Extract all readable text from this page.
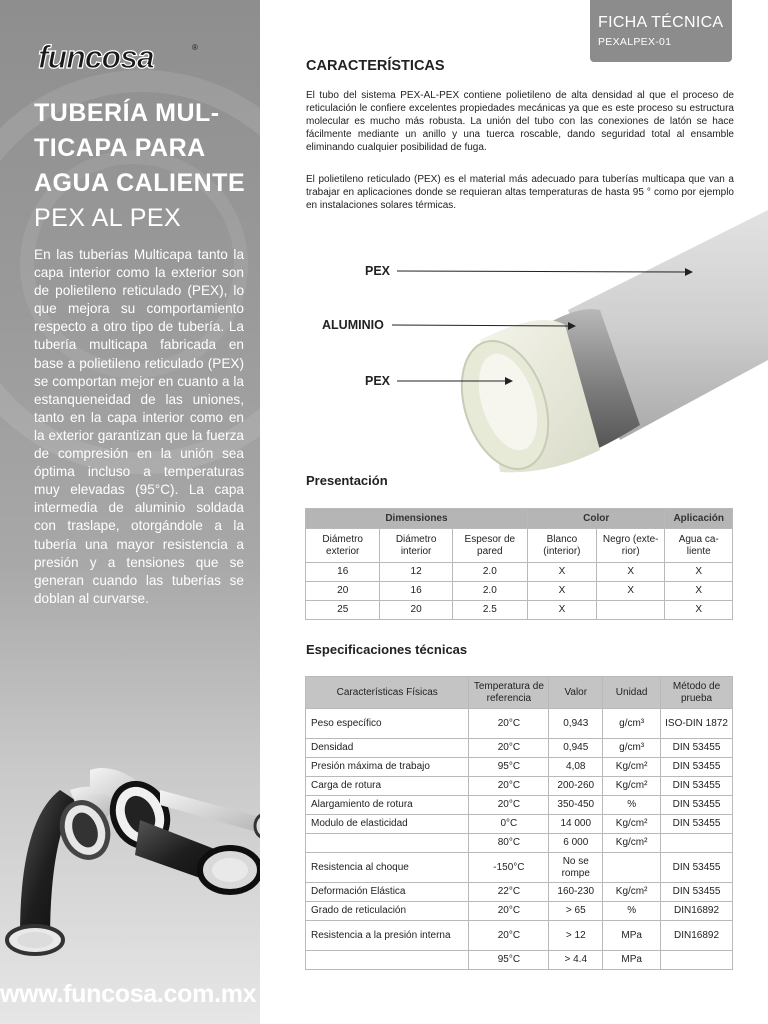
funcosa	®
TUBERÍA MUL-
TICAPA PARA
AGUA CALIENTE
PEX AL PEX
En las tuberías Multicapa tanto la capa interior como la exterior son de polietileno reticulado (PEX), lo que mejora su comportamiento respecto a otro tipo de tubería. La tubería multicapa fabricada en base a polietileno reticulado (PEX) se comportan mejor en cuanto a la estanqueneidad de las uniones, tanto en la capa interior como en la exterior garantizan que la fuerza de compresión en la unión sea óptima incluso a temperaturas muy elevadas (95°C). La capa intermedia de aluminio soldada con traslape, otorgándole a la tubería una mayor resistencia a presión y a tensiones que se generan cuando las tuberías se doblan al curvarse.
www.funcosa.com.mx
FICHA TÉCNICA
PEXALPEX-01
CARACTERÍSTICAS
El tubo del sistema PEX-AL-PEX contiene polietileno de alta densidad al que el proceso de reticulación le confiere excelentes propiedades mecánicas ya que es este proceso su estructura molecular es mucho más robusta. La unión del tubo con las conexiones de latón se hace fácilmente mediante un anillo y una tuerca roscable, dando seguridad total al ensamble eliminando cualquier posibilidad de fuga.
El polietileno reticulado (PEX) es el material más adecuado para tuberías multicapa que van a trabajar en aplicaciones donde se requieran altas temperaturas de hasta 95 ° como por ejemplo en instalaciones solares térmicas.
PEX
ALUMINIO
PEX
Presentación
Dimensiones			Color		Aplicación
Diámetro exterior	Diámetro interior	Espesor de pared	Blanco (interior)	Negro (exte-rior)	Agua ca-liente
16	12	2.0	X	X	X
20	16	2.0	X	X	X
25	20	2.5	X		X
Especificaciones técnicas
Características Físicas	Temperatura de referencia	Valor	Unidad	Método de prueba
Peso específico	20°C	0,943	g/cm³	ISO-DIN 1872
Densidad	20°C	0,945	g/cm³	DIN 53455
Presión máxima de trabajo	95°C	4,08	Kg/cm²	DIN 53455
Carga de rotura	20°C	200-260	Kg/cm²	DIN 53455
Alargamiento de rotura	20°C	350-450	%	DIN 53455
Modulo de elasticidad	0°C	14 000	Kg/cm²	DIN 53455
	80°C	6 000	Kg/cm²	
Resistencia al choque	-150°C	No se rompe		DIN 53455
Deformación Elástica	22°C	160-230	Kg/cm²	DIN 53455
Grado de reticulación	20°C	> 65	%	DIN16892
Resistencia a la presión interna	20°C	> 12	MPa	DIN16892
	95°C	> 4.4	MPa	
